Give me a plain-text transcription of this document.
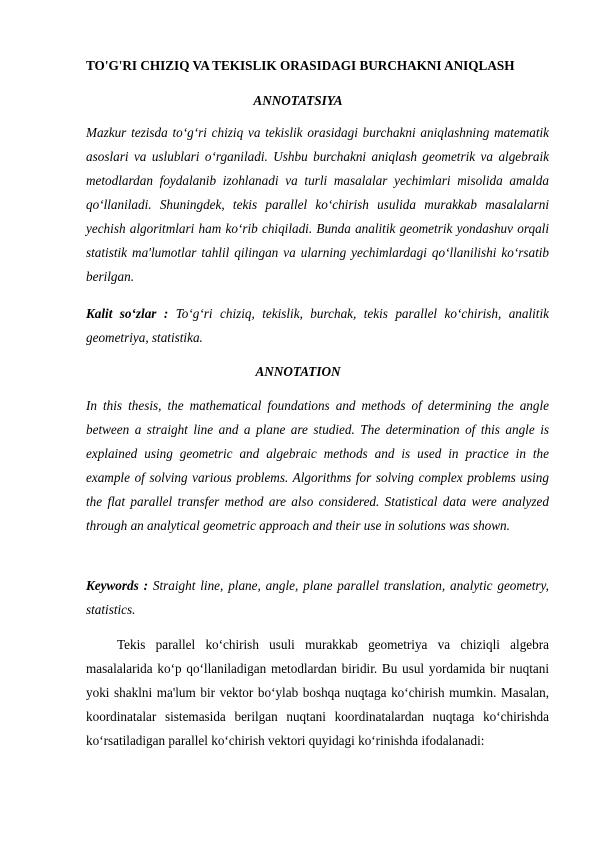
TO'G'RI CHIZIQ VA TEKISLIK ORASIDAGI BURCHAKNI ANIQLASH
ANNOTATSIYA

Mazkur tezisda to‘g‘ri chiziq va tekislik orasidagi burchakni aniqlashning matematik asoslari va uslublari o‘rganiladi. Ushbu burchakni aniqlash geometrik va algebraik metodlardan foydalanib izohlanadi va turli masalalar yechimlari misolida amalda qo‘llaniladi. Shuningdek, tekis parallel ko‘chirish usulida murakkab masalalarni yechish algoritmlari ham ko‘rib chiqiladi. Bunda analitik geometrik yondashuv orqali statistik ma'lumotlar tahlil qilingan va ularning yechimlardagi qo‘llanilishi ko‘rsatib berilgan.

Kalit so‘zlar : To‘g‘ri chiziq, tekislik, burchak, tekis parallel ko‘chirish, analitik geometriya, statistika.

ANNOTATION

In this thesis, the mathematical foundations and methods of determining the angle between a straight line and a plane are studied. The determination of this angle is explained using geometric and algebraic methods and is used in practice in the example of solving various problems. Algorithms for solving complex problems using the flat parallel transfer method are also considered. Statistical data were analyzed through an analytical geometric approach and their use in solutions was shown.

Keywords : Straight line, plane, angle, plane parallel translation, analytic geometry, statistics.

Tekis parallel ko‘chirish usuli murakkab geometriya va chiziqli algebra masalalarida ko‘p qo‘llaniladigan metodlardan biridir. Bu usul yordamida bir nuqtani yoki shaklni ma'lum bir vektor bo‘ylab boshqa nuqtaga ko‘chirish mumkin. Masalan, koordinatalar sistemasida berilgan nuqtani koordinatalardan nuqtaga ko‘chirishda ko‘rsatiladigan parallel ko‘chirish vektori quyidagi ko‘rinishda ifodalanadi:
